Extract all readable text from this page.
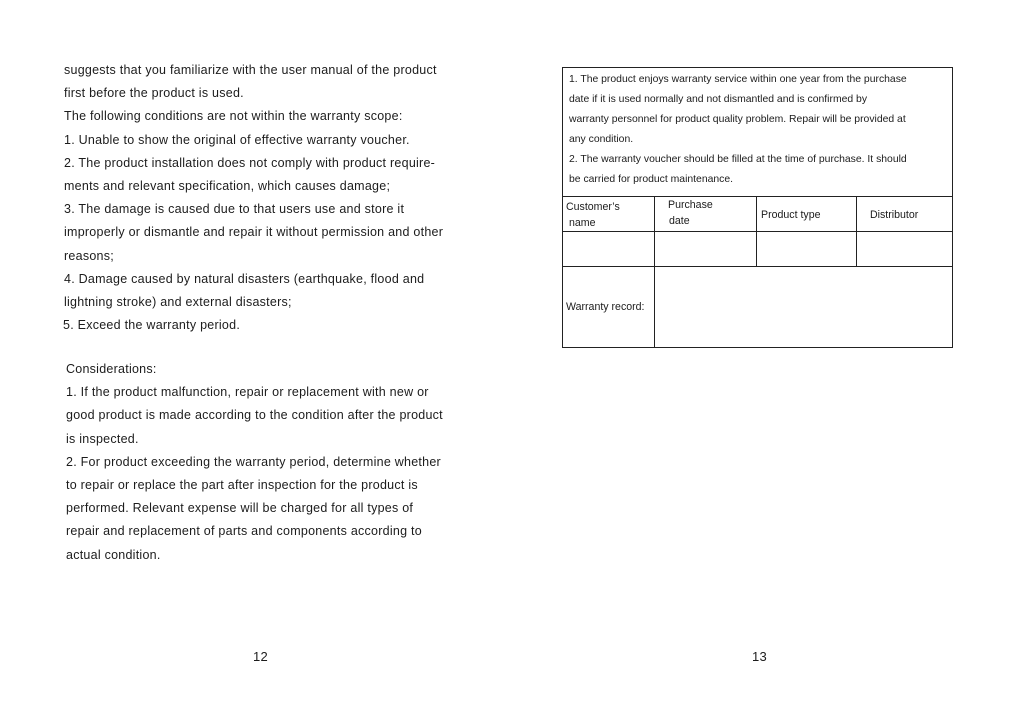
suggests that you familiarize with the user manual of the product
first before the product is used.
The following conditions are not within the warranty scope:
1. Unable to show the original of effective warranty voucher.
2. The product installation does not comply with product require-
ments and relevant specification, which causes damage;
3. The damage is caused due to that users use and store it
improperly or dismantle and repair it without permission and other
reasons;
4. Damage caused by natural disasters (earthquake, flood and
lightning stroke) and external disasters;
5. Exceed the warranty period.
Considerations:
1. If the product malfunction, repair or replacement with new or
good product is made according to the condition after the product
is inspected.
2. For product exceeding the warranty period, determine whether
to repair or replace the part after inspection for the product is
performed. Relevant expense will be charged for all types of
repair and replacement of parts and components according to
actual condition.
12
1. The product enjoys warranty service within one year from the purchase
date if it is used normally and not dismantled and is confirmed by
warranty personnel for product quality problem. Repair will be provided at
any condition.
2. The warranty voucher should be filled at the time of purchase. It should
be carried for product maintenance.
Customer’s
name
Purchase
date	Product type	Distributor
Warranty record:
13
